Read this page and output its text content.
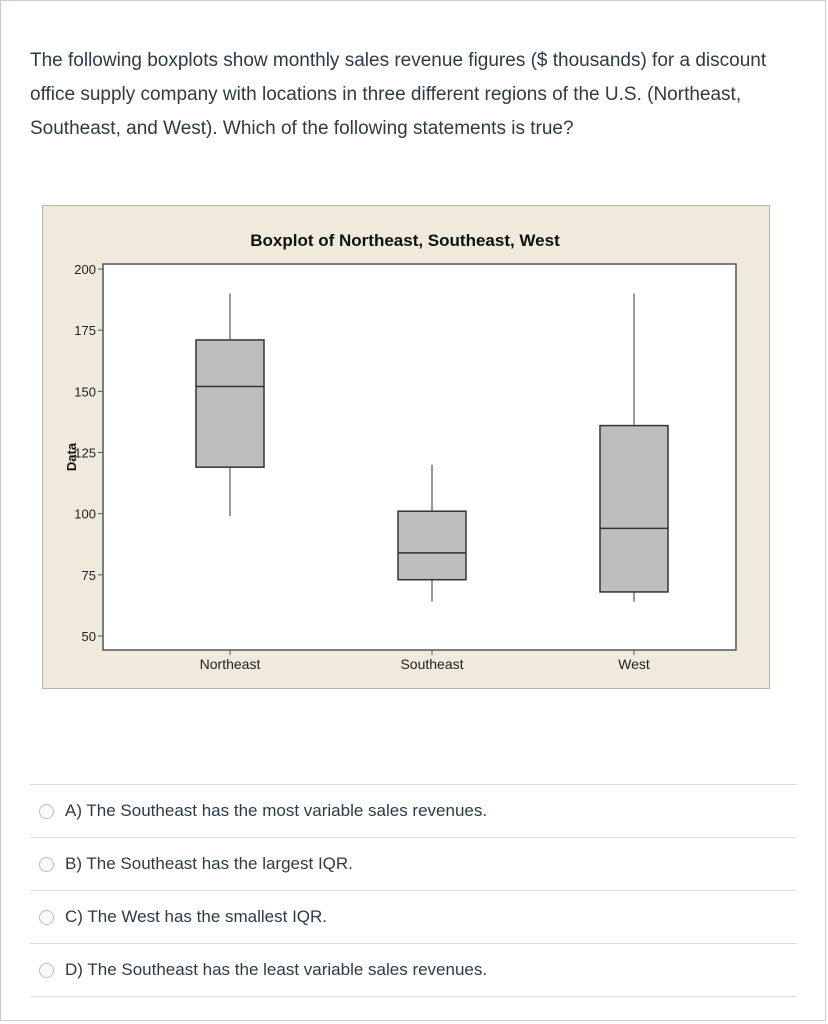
The following boxplots show monthly sales revenue figures ($ thousands) for a discount office supply company with locations in three different regions of the U.S. (Northeast, Southeast, and West). Which of the following statements is true?
Boxplot of Northeast, Southeast, West
Data
50
75
100
125
150
175
200
Northeast	Southeast	West
A) The Southeast has the most variable sales revenues.
B) The Southeast has the largest IQR.
C) The West has the smallest IQR.
D) The Southeast has the least variable sales revenues.
